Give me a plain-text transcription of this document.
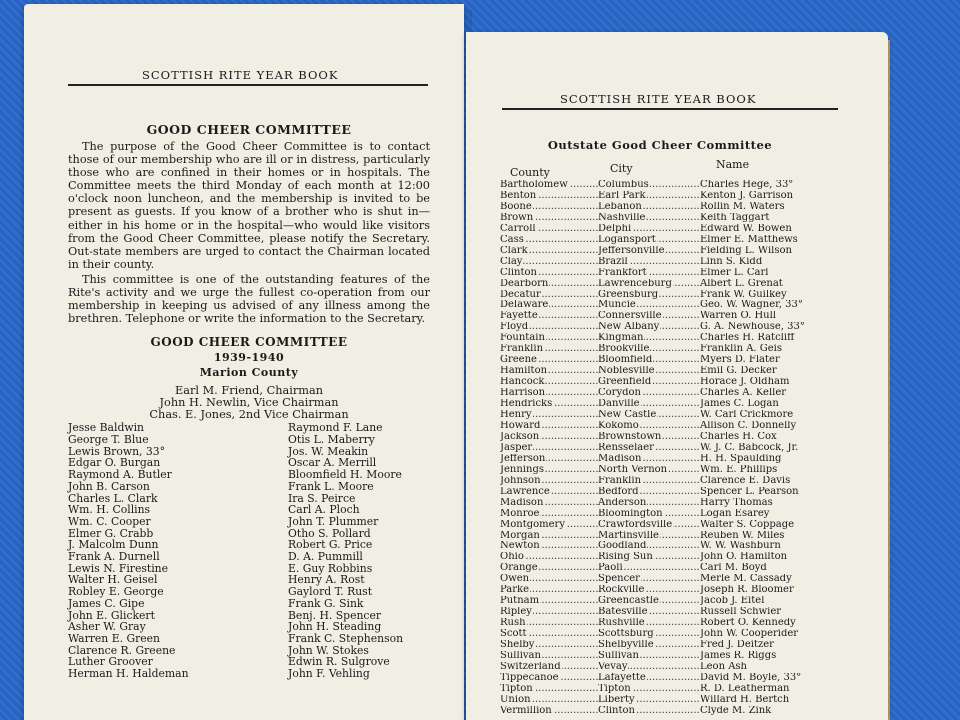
SCOTTISH RITE YEAR BOOK
GOOD CHEER COMMITTEE

The purpose of the Good Cheer Committee is to contact those of our membership who are ill or in distress, particularly those who are confined in their homes or in hospitals. The Committee meets the third Monday of each month at 12:00 o'clock noon luncheon, and the membership is invited to be present as guests. If you know of a brother who is shut in—either in his home or in the hospital—who would like visitors from the Good Cheer Committee, please notify the Secretary. Out-state members are urged to contact the Chairman located in their county.

This committee is one of the outstanding features of the Rite's activity and we urge the fullest co-operation from our membership in keeping us advised of any illness among the brethren. Telephone or write the information to the Secretary.

GOOD CHEER COMMITTEE
1939-1940
Marion County
Earl M. Friend, Chairman
John H. Newlin, Vice Chairman
Chas. E. Jones, 2nd Vice Chairman
Jesse Baldwin	Raymond F. Lane
George T. Blue	Otis L. Maberry
Lewis Brown, 33°	Jos. W. Meakin
Edgar O. Burgan	Oscar A. Merrill
Raymond A. Butler	Bloomfield H. Moore
John B. Carson	Frank L. Moore
Charles L. Clark	Ira S. Peirce
Wm. H. Collins	Carl A. Ploch
Wm. C. Cooper	John T. Plummer
Elmer G. Crabb	Otho S. Pollard
J. Malcolm Dunn	Robert G. Price
Frank A. Durnell	D. A. Pummill
Lewis N. Firestine	E. Guy Robbins
Walter H. Geisel	Henry A. Rost
Robley E. George	Gaylord T. Rust
James C. Gipe	Frank G. Sink
John E. Glickert	Benj. H. Spencer
Asher W. Gray	John H. Steading
Warren E. Green	Frank C. Stephenson
Clarence R. Greene	John W. Stokes
Luther Groover	Edwin R. Sulgrove
Herman H. Haldeman	John F. Vehling
SCOTTISH RITE YEAR BOOK
Outstate Good Cheer Committee
County	City	Name
Bartholomew .....	Columbus .....	Charles Hege, 33°
Benton .....	Earl Park .....	Kenton J. Garrison
Boone .....	Lebanon .....	Rollin M. Waters
Brown .....	Nashville .....	Keith Taggart
Carroll .....	Delphi .....	Edward W. Bowen
Cass .....	Logansport .....	Elmer E. Matthews
Clark .....	Jeffersonville .....	Fielding L. Wilson
Clay .....	Brazil .....	Linn S. Kidd
Clinton .....	Frankfort .....	Elmer L. Carl
Dearborn .....	Lawrenceburg .....	Albert L. Grenat
Decatur .....	Greensburg .....	Frank W. Guilkey
Delaware .....	Muncie .....	Geo. W. Wagner, 33°
Fayette .....	Connersville .....	Warren O. Hull
Floyd .....	New Albany .....	G. A. Newhouse, 33°
Fountain .....	Kingman .....	Charles H. Ratcliff
Franklin .....	Brookville .....	Franklin A. Geis
Greene .....	Bloomfield .....	Myers D. Flater
Hamilton .....	Noblesville .....	Emil G. Decker
Hancock .....	Greenfield .....	Horace J. Oldham
Harrison .....	Corydon .....	Charles A. Keller
Hendricks .....	Danville .....	James C. Logan
Henry .....	New Castle .....	W. Carl Crickmore
Howard .....	Kokomo .....	Allison C. Donnelly
Jackson .....	Brownstown .....	Charles H. Cox
Jasper .....	Rensselaer .....	W. J. C. Babcock, Jr.
Jefferson .....	Madison .....	H. H. Spaulding
Jennings .....	North Vernon .....	Wm. E. Phillips
Johnson .....	Franklin .....	Clarence E. Davis
Lawrence .....	Bedford .....	Spencer L. Pearson
Madison .....	Anderson .....	Harry Thomas
Monroe .....	Bloomington .....	Logan Esarey
Montgomery .....	Crawfordsville .....	Walter S. Coppage
Morgan .....	Martinsville .....	Reuben W. Miles
Newton .....	Goodland .....	W. W. Washburn
Ohio .....	Rising Sun .....	John O. Hamilton
Orange .....	Paoli .....	Carl M. Boyd
Owen .....	Spencer .....	Merle M. Cassady
Parke .....	Rockville .....	Joseph R. Bloomer
Putnam .....	Greencastle .....	Jacob J. Eitel
Ripley .....	Batesville .....	Russell Schwier
Rush .....	Rushville .....	Robert O. Kennedy
Scott .....	Scottsburg .....	John W. Cooperider
Shelby .....	Shelbyville .....	Fred J. Deitzer
Sullivan .....	Sullivan .....	James R. Riggs
Switzerland .....	Vevay .....	Leon Ash
Tippecanoe .....	Lafayette .....	David M. Boyle, 33°
Tipton .....	Tipton .....	R. D. Leatherman
Union .....	Liberty .....	Willard H. Bertch
Vermillion .....	Clinton .....	Clyde M. Zink
